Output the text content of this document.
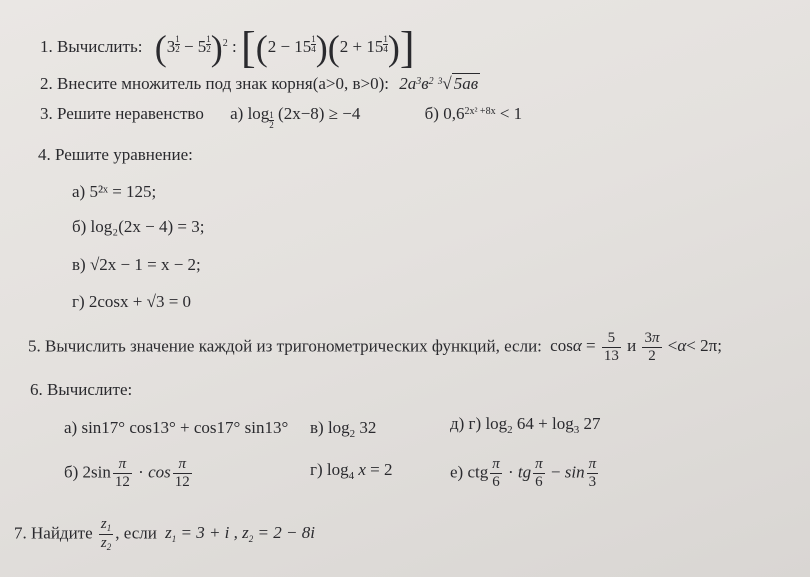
1. Вычислить: (3 $^{\frac{1}{2}}$ − 5 $^{\frac{1}{2}}$)$^2$ : [(2 − 15 $^{\frac{1}{4}}$)(2 + 15 $^{\frac{1}{4}}$)]
2. Внесите множитель под знак корня(а>0, в>0): $2a^3в^2$ $^3$√ 5ав
3. Решите неравенство а) log $_{\frac{1}{2}}$ (2x−8) ≥ −4	б) $0,6^{2x^2 +8x} < 1$
4. Решите уравнение:
а) 5²ˣ = 125;
б) log₂(2x − 4) = 3;
в) √2x − 1 = x − 2;
г) 2cosx + √3 = 0
5. Вычислить значение каждой из тригонометрических функций, если: $\cos\alpha = \frac{5}{13}$ и $\frac{3\pi}{2} <\alpha< 2\pi$;
6. Вычислите:
а) sin17° cos13° + cos17° sin13° в) $\log_2 32$	д) г) $\log_2 64 + \log_3 27$
б) $2\sin \frac{\pi}{12} \cdot \cos \frac{\pi}{12}$	г) $\log_4 x = 2$	е) ctg $\frac{\pi}{6}$ · tg $\frac{\pi}{6} - \sin \frac{\pi}{3}$
7. Найдите $\frac{z_1}{z_2}$ , если z1 = 3 + i , z2 = 2 − 8i
